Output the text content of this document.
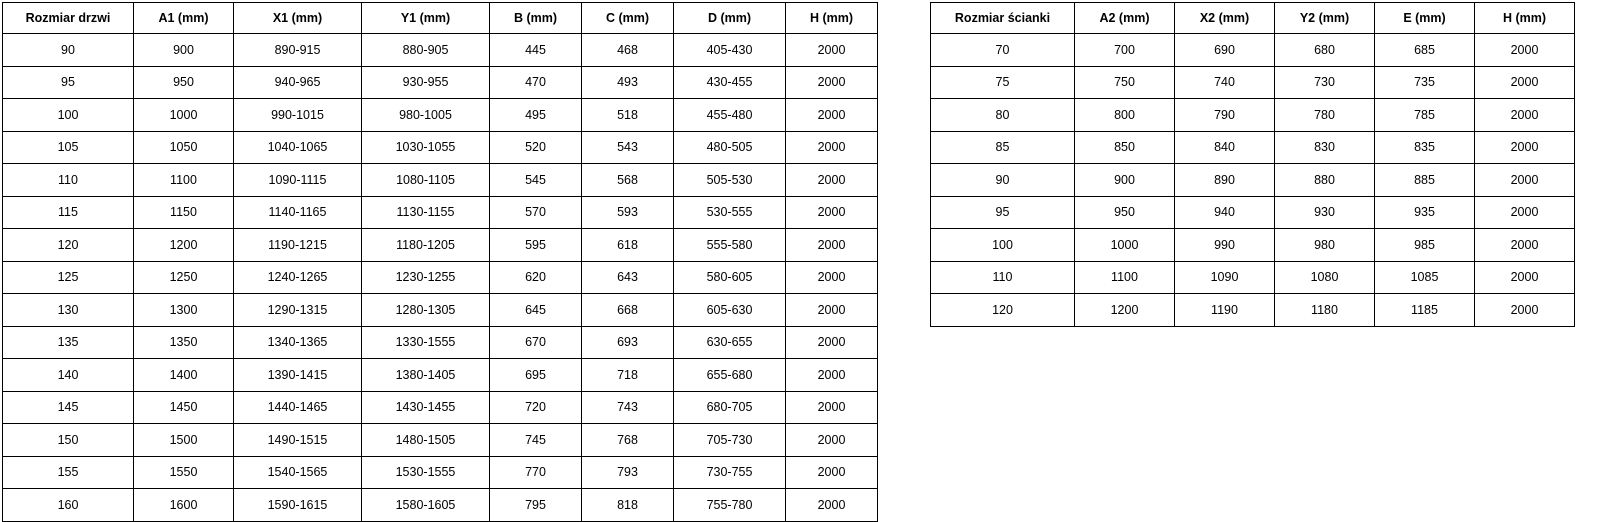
Rozmiar drzwi	A1 (mm)	X1 (mm)	Y1 (mm)	B (mm)	C (mm)	D (mm)	H (mm)
90	900	890-915	880-905	445	468	405-430	2000
95	950	940-965	930-955	470	493	430-455	2000
100	1000	990-1015	980-1005	495	518	455-480	2000
105	1050	1040-1065	1030-1055	520	543	480-505	2000
110	1100	1090-1115	1080-1105	545	568	505-530	2000
115	1150	1140-1165	1130-1155	570	593	530-555	2000
120	1200	1190-1215	1180-1205	595	618	555-580	2000
125	1250	1240-1265	1230-1255	620	643	580-605	2000
130	1300	1290-1315	1280-1305	645	668	605-630	2000
135	1350	1340-1365	1330-1555	670	693	630-655	2000
140	1400	1390-1415	1380-1405	695	718	655-680	2000
145	1450	1440-1465	1430-1455	720	743	680-705	2000
150	1500	1490-1515	1480-1505	745	768	705-730	2000
155	1550	1540-1565	1530-1555	770	793	730-755	2000
160	1600	1590-1615	1580-1605	795	818	755-780	2000
Rozmiar ścianki	A2 (mm)	X2 (mm)	Y2 (mm)	E (mm)	H (mm)
70	700	690	680	685	2000
75	750	740	730	735	2000
80	800	790	780	785	2000
85	850	840	830	835	2000
90	900	890	880	885	2000
95	950	940	930	935	2000
100	1000	990	980	985	2000
110	1100	1090	1080	1085	2000
120	1200	1190	1180	1185	2000
